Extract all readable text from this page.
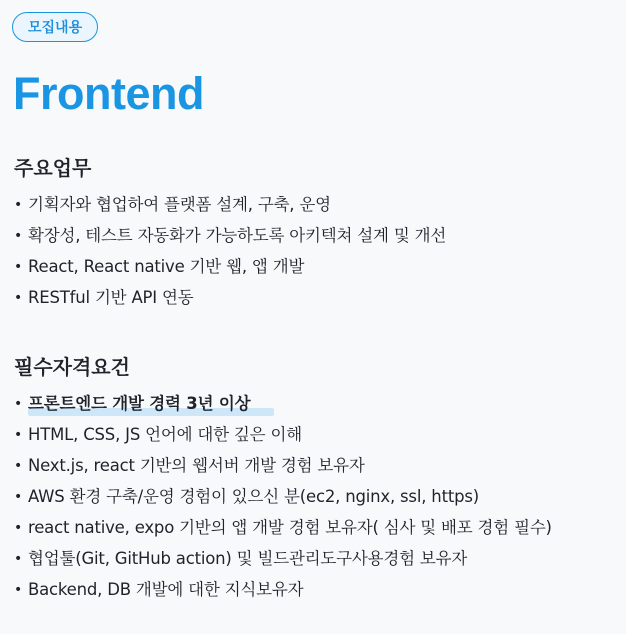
모집내용
Frontend
주요업무
• 기획자와 협업하여 플랫폼 설계, 구축, 운영
• 확장성, 테스트 자동화가 가능하도록 아키텍쳐 설계 및 개선
• React, React native 기반 웹, 앱 개발
• RESTful 기반 API 연동
필수자격요건
• 프론트엔드 개발 경력 3년 이상
• HTML, CSS, JS 언어에 대한 깊은 이해
• Next.js, react 기반의 웹서버 개발 경험 보유자
• AWS 환경 구축/운영 경험이 있으신 분(ec2, nginx, ssl, https)
• react native, expo 기반의 앱 개발 경험 보유자( 심사 및 배포 경험 필수)
• 협업툴(Git, GitHub action) 및 빌드관리도구사용경험 보유자
• Backend, DB 개발에 대한 지식보유자
